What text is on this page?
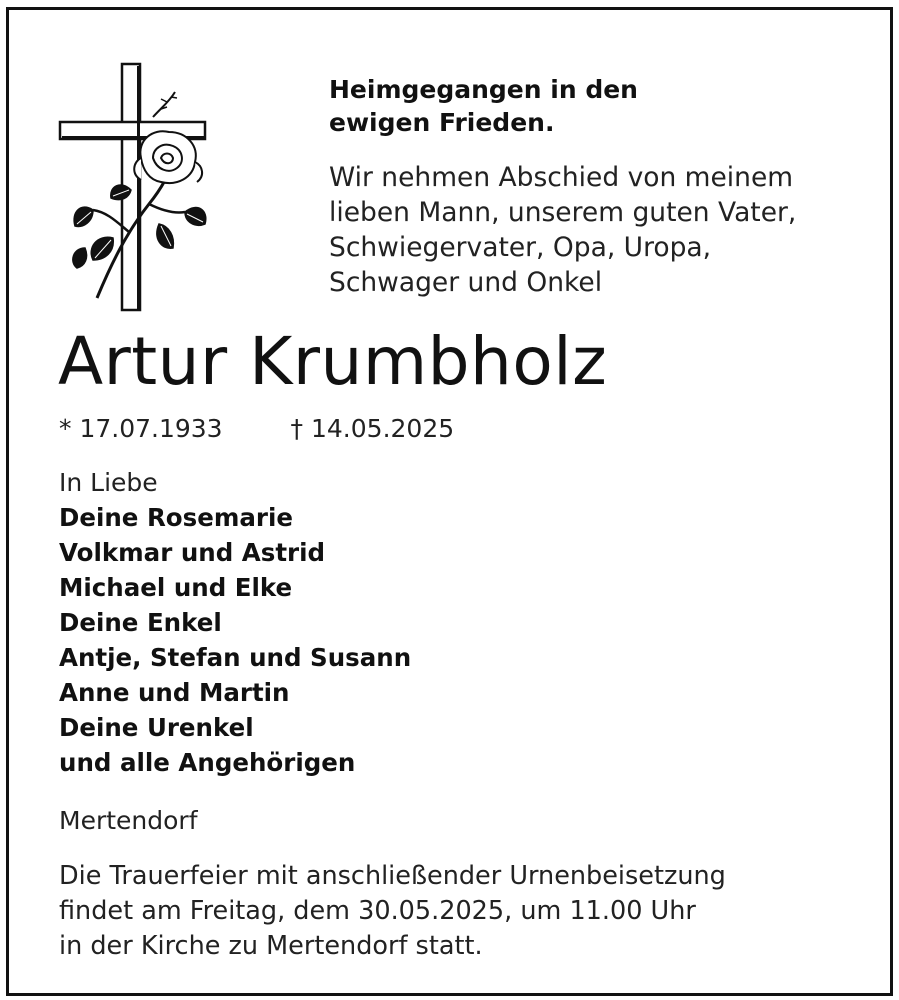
Heimgegangen in den
ewigen Frieden.
Wir nehmen Abschied von meinem
lieben Mann, unserem guten Vater,
Schwiegervater, Opa, Uropa,
Schwager und Onkel
Artur Krumbholz
* 17.07.1933	† 14.05.2025
In Liebe
Deine Rosemarie
Volkmar und Astrid
Michael und Elke
Deine Enkel
Antje, Stefan und Susann
Anne und Martin
Deine Urenkel
und alle Angehörigen
Mertendorf
Die Trauerfeier mit anschließender Urnenbeisetzung
findet am Freitag, dem 30.05.2025, um 11.00 Uhr
in der Kirche zu Mertendorf statt.
